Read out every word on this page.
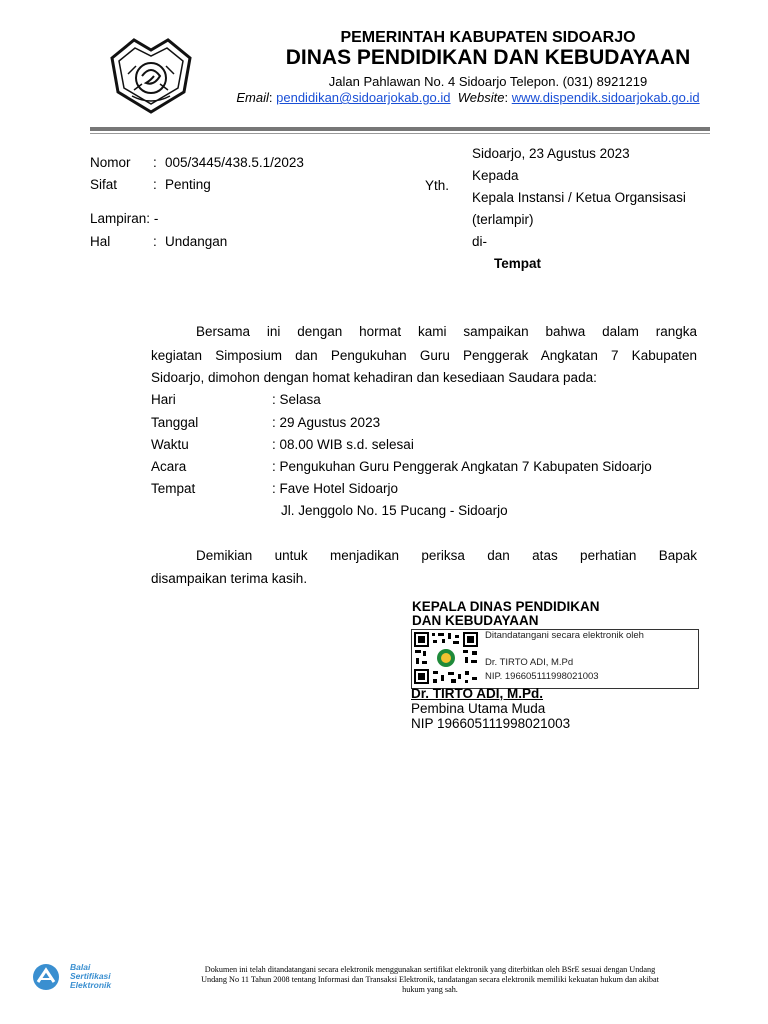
PEMERINTAH KABUPATEN SIDOARJO
DINAS PENDIDIKAN DAN KEBUDAYAAN
Jalan Pahlawan No. 4 Sidoarjo Telepon. (031) 8921219
Email: pendidikan@sidoarjokab.go.id Website: www.dispendik.sidoarjokab.go.id
Nomor : 005/3445/438.5.1/2023
Sifat	: Penting
Lampiran: -
Hal	: Undangan
Sidoarjo, 23 Agustus 2023
Yth.
Kepada
Kepala Instansi / Ketua Organsisasi
(terlampir)
di-
Tempat
Bersama ini dengan hormat kami sampaikan bahwa dalam rangka
kegiatan Simposium dan Pengukuhan Guru Penggerak Angkatan 7 Kabupaten
Sidoarjo, dimohon dengan homat kehadiran dan kesediaan Saudara pada:
Hari	: Selasa
Tanggal	: 29 Agustus 2023
Waktu	: 08.00 WIB s.d. selesai
Acara	: Pengukuhan Guru Penggerak Angkatan 7 Kabupaten Sidoarjo
Tempat	: Fave Hotel Sidoarjo
Jl. Jenggolo No. 15 Pucang - Sidoarjo
Demikian untuk menjadikan periksa dan atas perhatian Bapak
disampaikan terima kasih.
KEPALA DINAS PENDIDIKAN
DAN KEBUDAYAAN
Ditandatangani secara elektronik oleh
Dr. TIRTO ADI, M.Pd
NIP. 196605111998021003
Dr. TIRTO ADI, M.Pd.
Pembina Utama Muda
NIP 196605111998021003
Balai
Sertifikasi
Elektronik
Dokumen ini telah ditandatangani secara elektronik menggunakan sertifikat elektronik yang diterbitkan oleh BSrE sesuai dengan Undang
Undang No 11 Tahun 2008 tentang Informasi dan Transaksi Elektronik, tandatangan secara elektronik memiliki kekuatan hukum dan akibat
hukum yang sah.
